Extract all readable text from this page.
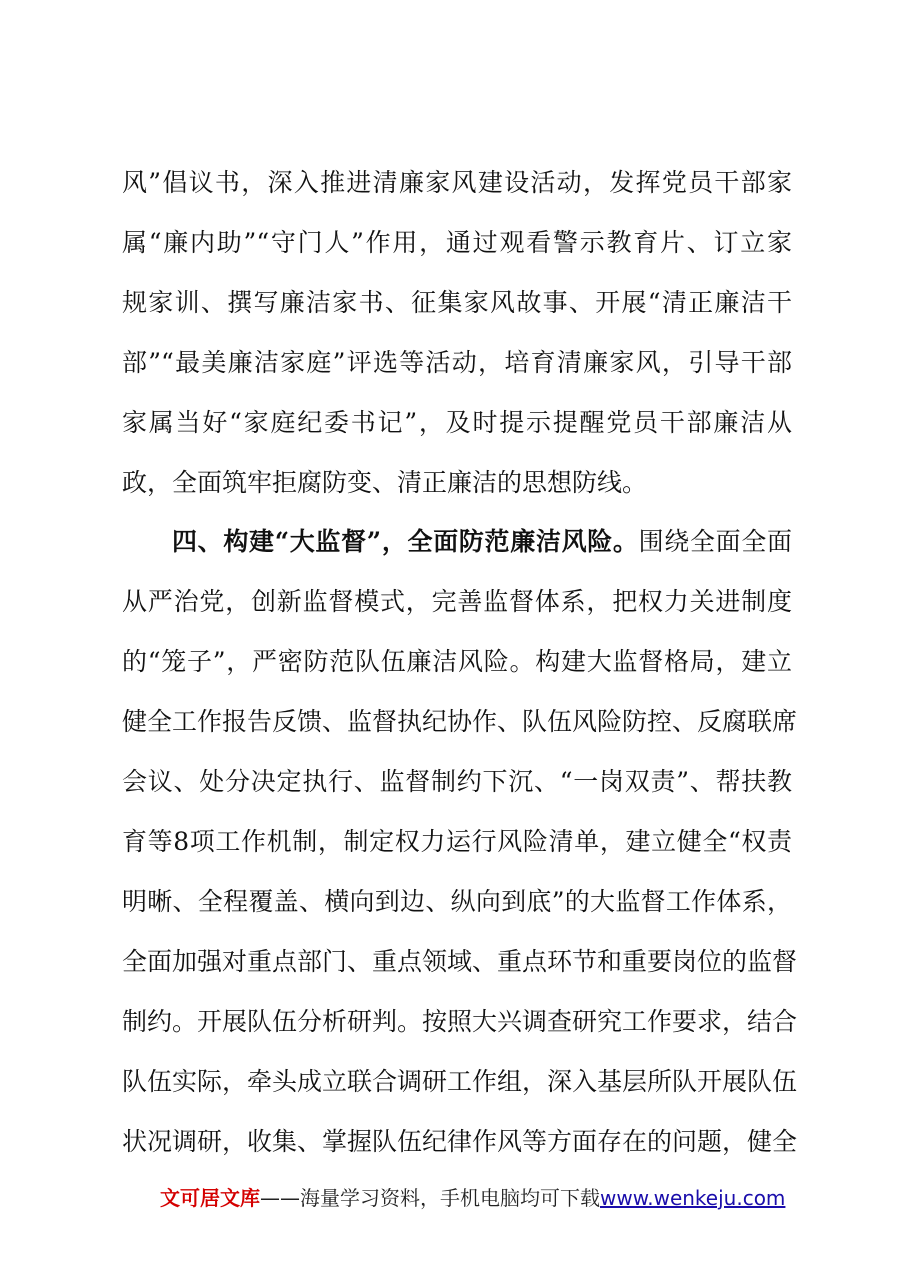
风”倡议书，深入推进清廉家风建设活动，发挥党员干部家
属“廉内助”“守门人”作用，通过观看警示教育片、订立家
规家训、撰写廉洁家书、征集家风故事、开展“清正廉洁干
部”“最美廉洁家庭”评选等活动，培育清廉家风，引导干部
家属当好“家庭纪委书记”，及时提示提醒党员干部廉洁从
政，全面筑牢拒腐防变、清正廉洁的思想防线。
四、构建“大监督”，全面防范廉洁风险。围绕全面全面
从严治党，创新监督模式，完善监督体系，把权力关进制度
的“笼子”，严密防范队伍廉洁风险。构建大监督格局，建立
健全工作报告反馈、监督执纪协作、队伍风险防控、反腐联席
会议、处分决定执行、监督制约下沉、“一岗双责”、帮扶教
育等8项工作机制，制定权力运行风险清单，建立健全“权责
明晰、全程覆盖、横向到边、纵向到底”的大监督工作体系，
全面加强对重点部门、重点领域、重点环节和重要岗位的监督
制约。开展队伍分析研判。按照大兴调查研究工作要求，结合
队伍实际，牵头成立联合调研工作组，深入基层所队开展队伍
状况调研，收集、掌握队伍纪律作风等方面存在的问题，健全
文可居文库——海量学习资料，手机电脑均可下载www.wenkeju.com
